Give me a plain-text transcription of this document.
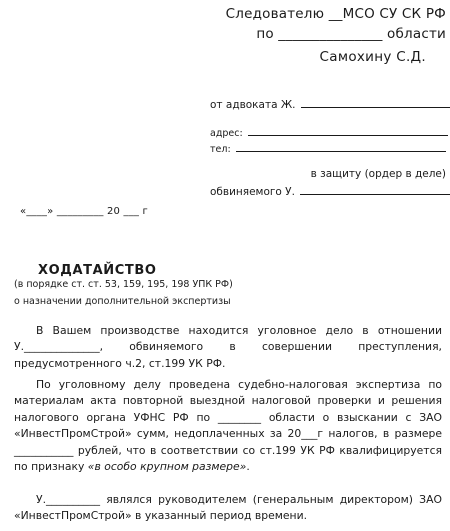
Следователю __МСО СУ СК РФ
по _______________ области
Самохину С.Д.
от адвоката Ж.
адрес:
тел:
в защиту (ордер в деле)
обвиняемого У.
«____» _________ 20 ___ г
ХОДАТАЙСТВО
(в порядке ст. ст. 53, 159, 195, 198 УПК РФ)
о назначении дополнительной экспертизы

В Вашем производстве находится уголовное дело в отношении У.______________, обвиняемого в совершении преступления, предусмотренного ч.2, ст.199 УК РФ.

По уголовному делу проведена судебно-налоговая экспертиза по материалам акта повторной выездной налоговой проверки и решения налогового органа УФНС РФ по ________ области о взыскании с ЗАО «ИнвестПромСтрой» сумм, недоплаченных за 20___г налогов, в размере ___________ рублей, что в соответствии со ст.199 УК РФ квалифицируется по признаку «в особо крупном размере».

У.__________ являлся руководителем (генеральным директором) ЗАО «ИнвестПромСтрой» в указанный период времени.
